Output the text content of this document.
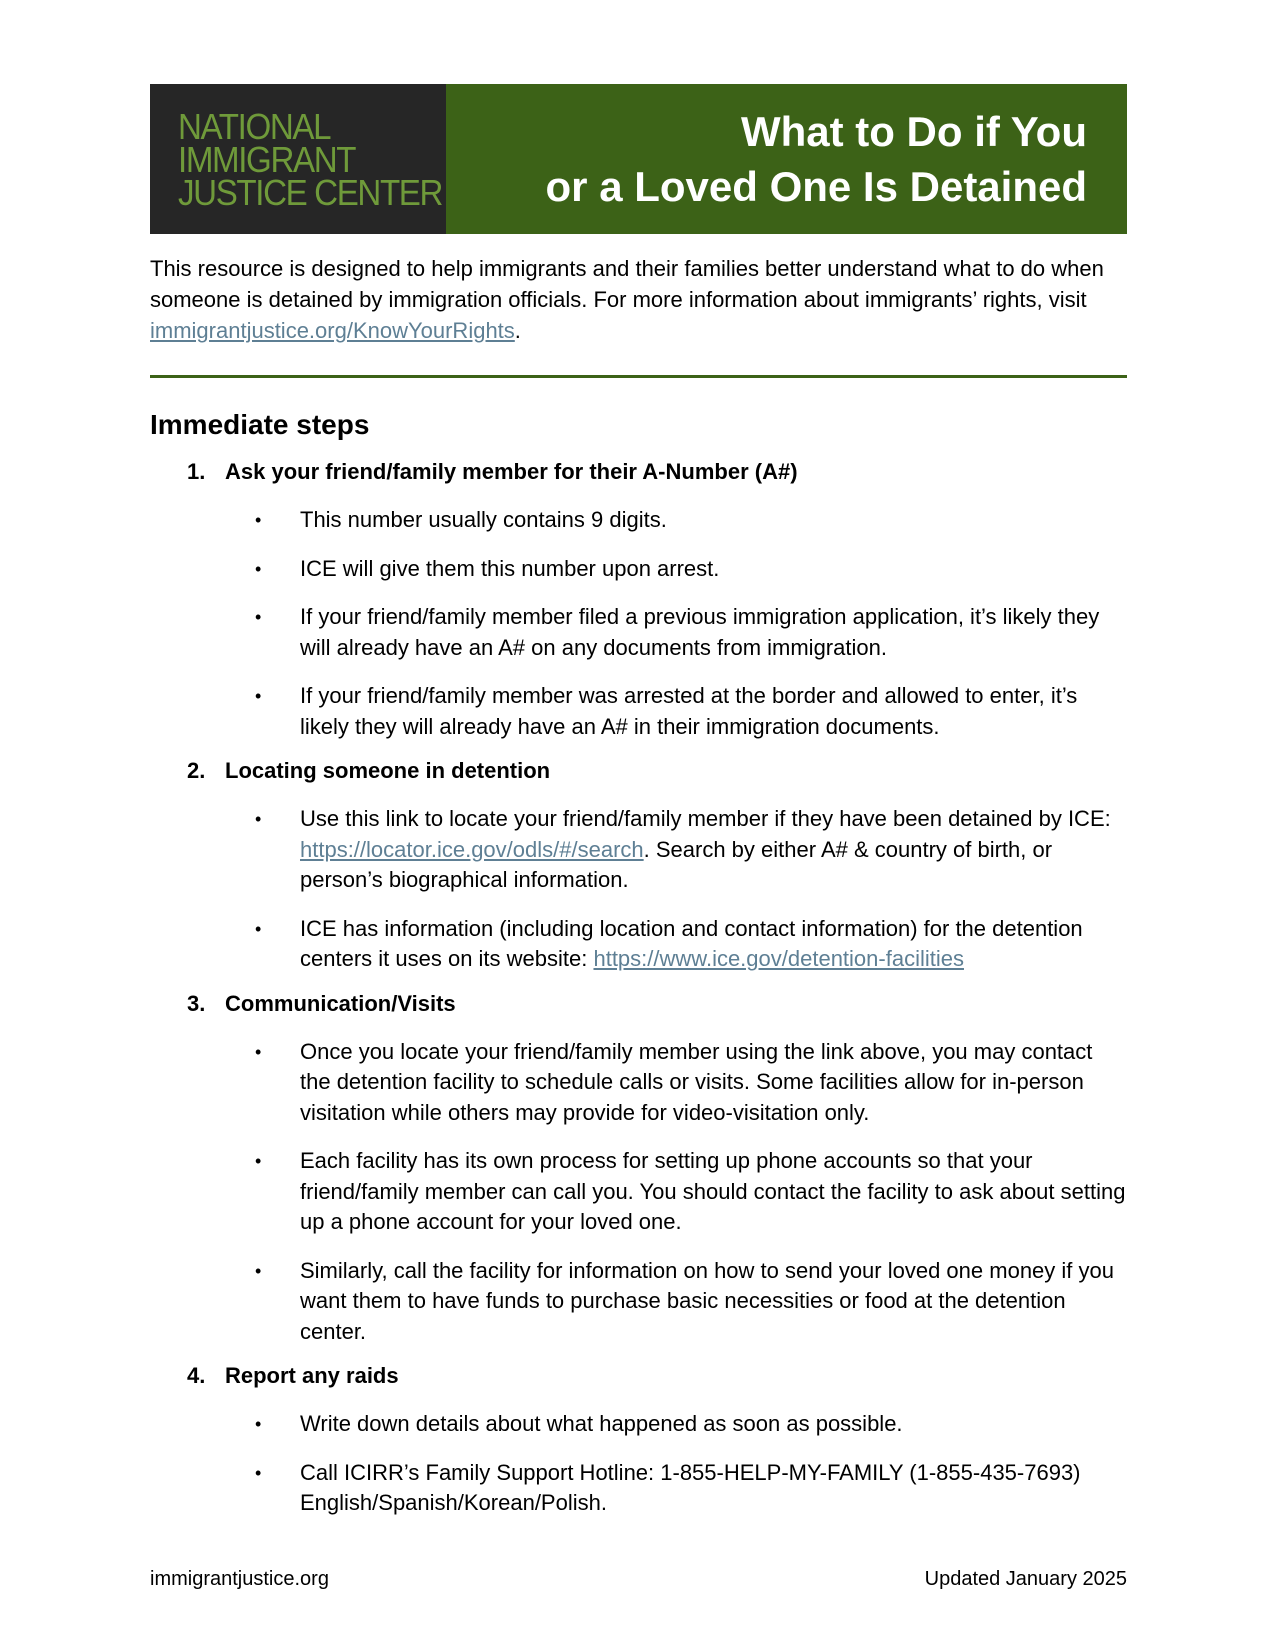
NATIONAL
IMMIGRANT
JUSTICE CENTER
What to Do if You
or a Loved One Is Detained

This resource is designed to help immigrants and their families better understand what to do when someone is detained by immigration officials. For more information about immigrants’ rights, visit immigrantjustice.org/KnowYourRights.

Immediate steps
1. Ask your friend/family member for their A-Number (A#)
•	This number usually contains 9 digits.
•	ICE will give them this number upon arrest.
•	If your friend/family member filed a previous immigration application, it’s likely they will already have an A# on any documents from immigration.
•	If your friend/family member was arrested at the border and allowed to enter, it’s likely they will already have an A# in their immigration documents.
2. Locating someone in detention
•	Use this link to locate your friend/family member if they have been detained by ICE: https://locator.ice.gov/odls/#/search. Search by either A# & country of birth, or person’s biographical information.
•	ICE has information (including location and contact information) for the detention centers it uses on its website: https://www.ice.gov/detention-facilities
3. Communication/Visits
•	Once you locate your friend/family member using the link above, you may contact the detention facility to schedule calls or visits. Some facilities allow for in-person visitation while others may provide for video-visitation only.
•	Each facility has its own process for setting up phone accounts so that your friend/family member can call you. You should contact the facility to ask about setting up a phone account for your loved one.
•	Similarly, call the facility for information on how to send your loved one money if you want them to have funds to purchase basic necessities or food at the detention center.
4. Report any raids
•	Write down details about what happened as soon as possible.
•	Call ICIRR’s Family Support Hotline: 1-855-HELP-MY-FAMILY (1-855-435-7693) English/Spanish/Korean/Polish.
immigrantjustice.org	Updated January 2025
